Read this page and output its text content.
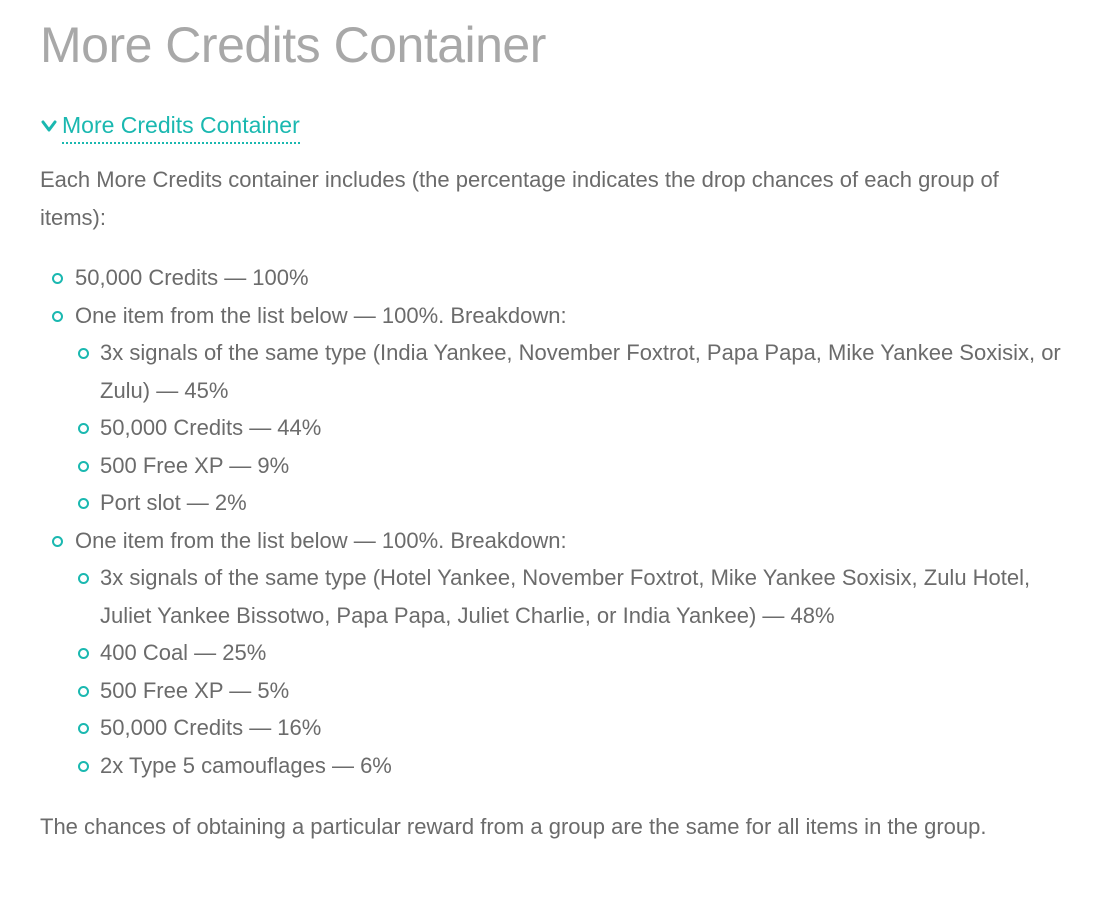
More Credits Container
More Credits Container

Each More Credits container includes (the percentage indicates the drop chances of each group of items):

50,000 Credits — 100%
One item from the list below — 100%. Breakdown:
3x signals of the same type (India Yankee, November Foxtrot, Papa Papa, Mike Yankee Soxisix, or Zulu) — 45%
50,000 Credits — 44%
500 Free XP — 9%
Port slot — 2%
One item from the list below — 100%. Breakdown:
3x signals of the same type (Hotel Yankee, November Foxtrot, Mike Yankee Soxisix, Zulu Hotel, Juliet Yankee Bissotwo, Papa Papa, Juliet Charlie, or India Yankee) — 48%
400 Coal — 25%
500 Free XP — 5%
50,000 Credits — 16%
2x Type 5 camouflages — 6%

The chances of obtaining a particular reward from a group are the same for all items in the group.
